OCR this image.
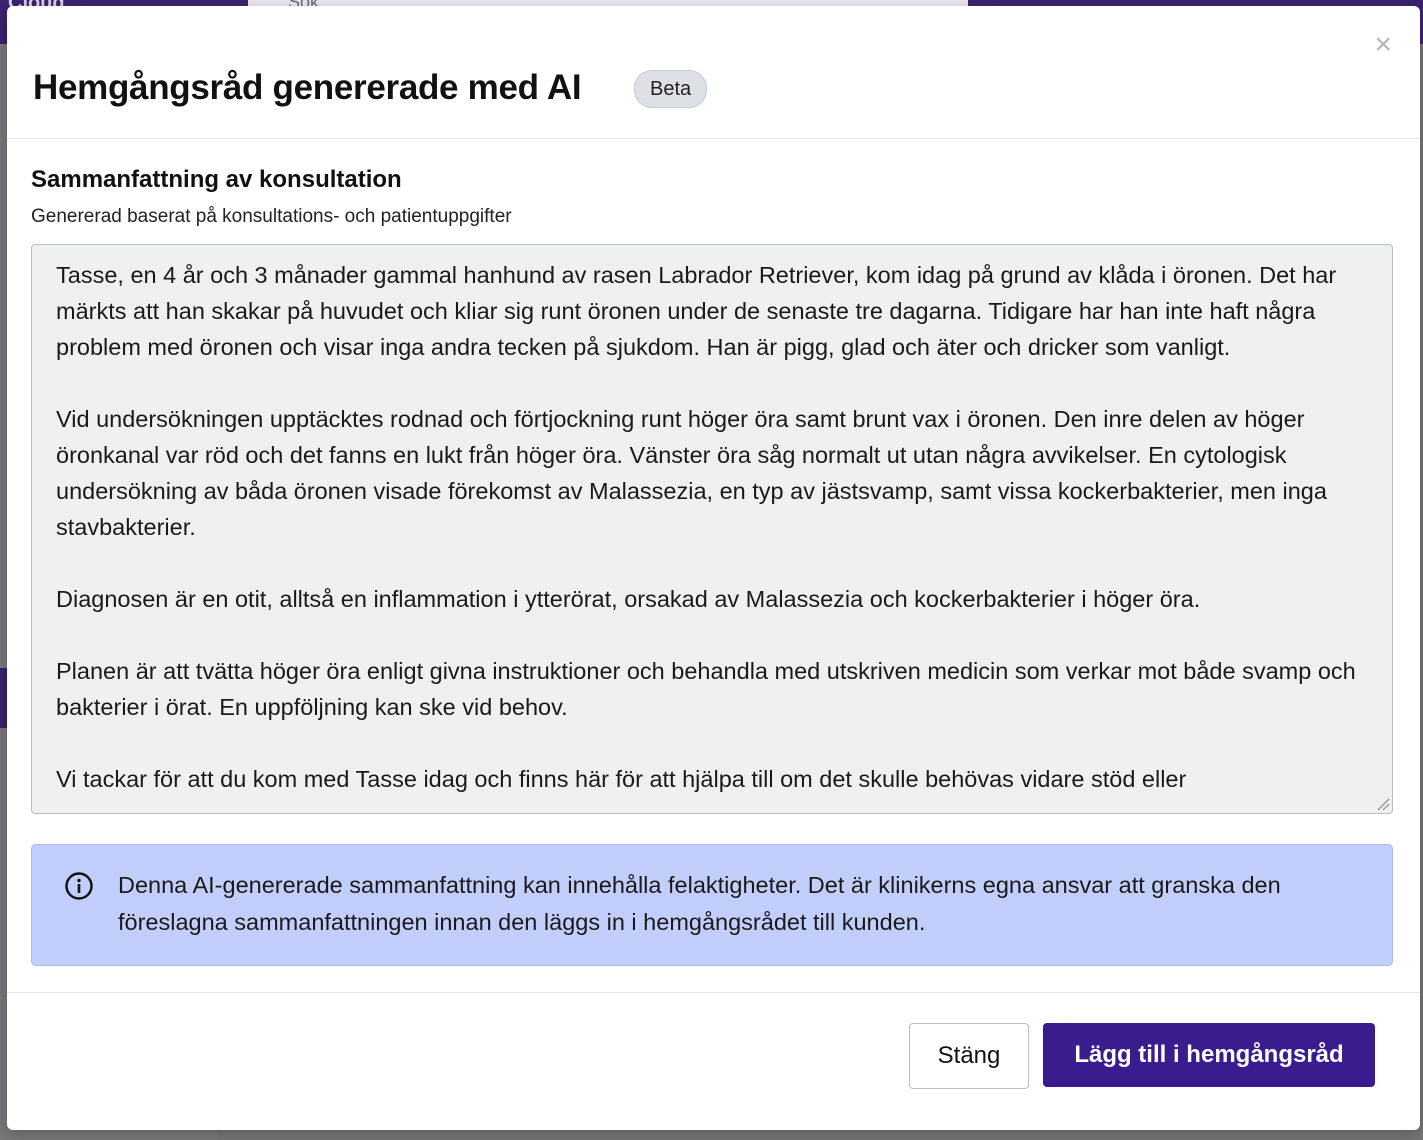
Hemgångsråd genererade med AI	Beta
×
Sammanfattning av konsultation
Genererad baserat på konsultations- och patientuppgifter

Tasse, en 4 år och 3 månader gammal hanhund av rasen Labrador Retriever, kom idag på grund av klåda i öronen. Det har märkts att han skakar på huvudet och kliar sig runt öronen under de senaste tre dagarna. Tidigare har han inte haft några problem med öronen och visar inga andra tecken på sjukdom. Han är pigg, glad och äter och dricker som vanligt.

Vid undersökningen upptäcktes rodnad och förtjockning runt höger öra samt brunt vax i öronen. Den inre delen av höger öronkanal var röd och det fanns en lukt från höger öra. Vänster öra såg normalt ut utan några avvikelser. En cytologisk undersökning av båda öronen visade förekomst av Malassezia, en typ av jästsvamp, samt vissa kockerbakterier, men inga stavbakterier.

Diagnosen är en otit, alltså en inflammation i ytterörat, orsakad av Malassezia och kockerbakterier i höger öra.

Planen är att tvätta höger öra enligt givna instruktioner och behandla med utskriven medicin som verkar mot både svamp och bakterier i örat. En uppföljning kan ske vid behov.

Vi tackar för att du kom med Tasse idag och finns här för att hjälpa till om det skulle behövas vidare stöd eller

Denna AI-genererade sammanfattning kan innehålla felaktigheter. Det är klinikerns egna ansvar att granska den föreslagna sammanfattningen innan den läggs in i hemgångsrådet till kunden.
Stäng	Lägg till i hemgångsråd
